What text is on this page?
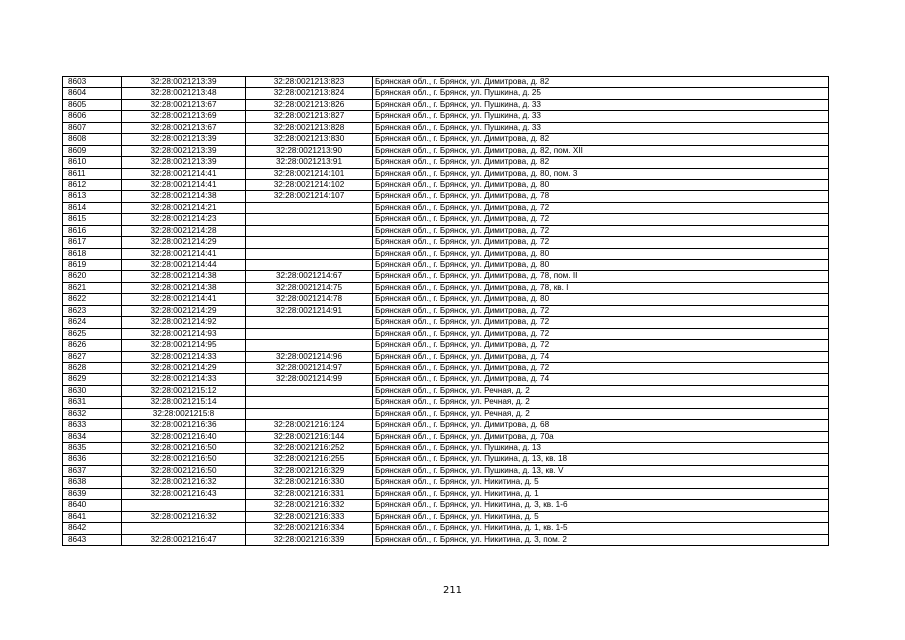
8603	32:28:0021213:39	32:28:0021213:823	Брянская обл., г. Брянск, ул. Димитрова, д. 82
8604	32:28:0021213:48	32:28:0021213:824	Брянская обл., г. Брянск, ул. Пушкина, д. 25
8605	32:28:0021213:67	32:28:0021213:826	Брянская обл., г. Брянск, ул. Пушкина, д. 33
8606	32:28:0021213:69	32:28:0021213:827	Брянская обл., г. Брянск, ул. Пушкина, д. 33
8607	32:28:0021213:67	32:28:0021213:828	Брянская обл., г. Брянск, ул. Пушкина, д. 33
8608	32:28:0021213:39	32:28:0021213:830	Брянская обл., г. Брянск, ул. Димитрова, д. 82
8609	32:28:0021213:39	32:28:0021213:90	Брянская обл., г. Брянск, ул. Димитрова, д. 82, пом. XII
8610	32:28:0021213:39	32:28:0021213:91	Брянская обл., г. Брянск, ул. Димитрова, д. 82
8611	32:28:0021214:41	32:28:0021214:101	Брянская обл., г. Брянск, ул. Димитрова, д. 80, пом. 3
8612	32:28:0021214:41	32:28:0021214:102	Брянская обл., г. Брянск, ул. Димитрова, д. 80
8613	32:28:0021214:38	32:28:0021214:107	Брянская обл., г. Брянск, ул. Димитрова, д. 78
8614	32:28:0021214:21		Брянская обл., г. Брянск, ул. Димитрова, д. 72
8615	32:28:0021214:23		Брянская обл., г. Брянск, ул. Димитрова, д. 72
8616	32:28:0021214:28		Брянская обл., г. Брянск, ул. Димитрова, д. 72
8617	32:28:0021214:29		Брянская обл., г. Брянск, ул. Димитрова, д. 72
8618	32:28:0021214:41		Брянская обл., г. Брянск, ул. Димитрова, д. 80
8619	32:28:0021214:44		Брянская обл., г. Брянск, ул. Димитрова, д. 80
8620	32:28:0021214:38	32:28:0021214:67	Брянская обл., г. Брянск, ул. Димитрова, д. 78, пом. II
8621	32:28:0021214:38	32:28:0021214:75	Брянская обл., г. Брянск, ул. Димитрова, д. 78, кв. I
8622	32:28:0021214:41	32:28:0021214:78	Брянская обл., г. Брянск, ул. Димитрова, д. 80
8623	32:28:0021214:29	32:28:0021214:91	Брянская обл., г. Брянск, ул. Димитрова, д. 72
8624	32:28:0021214:92		Брянская обл., г. Брянск, ул. Димитрова, д. 72
8625	32:28:0021214:93		Брянская обл., г. Брянск, ул. Димитрова, д. 72
8626	32:28:0021214:95		Брянская обл., г. Брянск, ул. Димитрова, д. 72
8627	32:28:0021214:33	32:28:0021214:96	Брянская обл., г. Брянск, ул. Димитрова, д. 74
8628	32:28:0021214:29	32:28:0021214:97	Брянская обл., г. Брянск, ул. Димитрова, д. 72
8629	32:28:0021214:33	32:28:0021214:99	Брянская обл., г. Брянск, ул. Димитрова, д. 74
8630	32:28:0021215:12		Брянская обл., г. Брянск, ул. Речная, д. 2
8631	32:28:0021215:14		Брянская обл., г. Брянск, ул. Речная, д. 2
8632	32:28:0021215:8		Брянская обл., г. Брянск, ул. Речная, д. 2
8633	32:28:0021216:36	32:28:0021216:124	Брянская обл., г. Брянск, ул. Димитрова, д. 68
8634	32:28:0021216:40	32:28:0021216:144	Брянская обл., г. Брянск, ул. Димитрова, д. 70а
8635	32:28:0021216:50	32:28:0021216:252	Брянская обл., г. Брянск, ул. Пушкина, д. 13
8636	32:28:0021216:50	32:28:0021216:255	Брянская обл., г. Брянск, ул. Пушкина, д. 13, кв. 18
8637	32:28:0021216:50	32:28:0021216:329	Брянская обл., г. Брянск, ул. Пушкина, д. 13, кв. V
8638	32:28:0021216:32	32:28:0021216:330	Брянская обл., г. Брянск, ул. Никитина, д. 5
8639	32:28:0021216:43	32:28:0021216:331	Брянская обл., г. Брянск, ул. Никитина, д. 1
8640		32:28:0021216:332	Брянская обл., г. Брянск, ул. Никитина, д. 3, кв. 1-6
8641	32:28:0021216:32	32:28:0021216:333	Брянская обл., г. Брянск, ул. Никитина, д. 5
8642		32:28:0021216:334	Брянская обл., г. Брянск, ул. Никитина, д. 1, кв. 1-5
8643	32:28:0021216:47	32:28:0021216:339	Брянская обл., г. Брянск, ул. Никитина, д. 3, пом. 2
211
